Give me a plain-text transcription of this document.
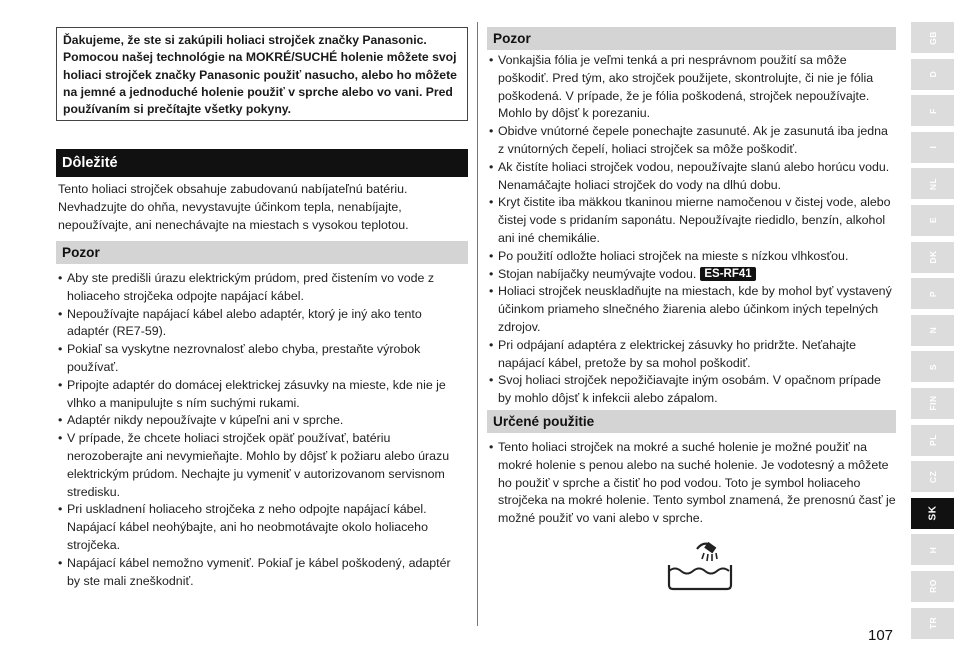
Ďakujeme, že ste si zakúpili holiaci strojček značky Panasonic. Pomocou našej technológie na MOKRÉ/SUCHÉ holenie môžete svoj holiaci strojček značky Panasonic použiť nasucho, alebo ho môžete na jemné a jednoduché holenie použiť v sprche alebo vo vani. Pred používaním si prečítajte všetky pokyny.
Dôležité
Tento holiaci strojček obsahuje zabudovanú nabíjateľnú batériu. Nevhadzujte do ohňa, nevystavujte účinkom tepla, nenabíjajte, nepoužívajte, ani nenechávajte na miestach s vysokou teplotou.
Pozor
• Aby ste predišli úrazu elektrickým prúdom, pred čistením vo vode z holiaceho strojčeka odpojte napájací kábel.
• Nepoužívajte napájací kábel alebo adaptér, ktorý je iný ako tento adaptér (RE7-59).
• Pokiaľ sa vyskytne nezrovnalosť alebo chyba, prestaňte výrobok používať.
• Pripojte adaptér do domácej elektrickej zásuvky na mieste, kde nie je vlhko a manipulujte s ním suchými rukami.
• Adaptér nikdy nepoužívajte v kúpeľni ani v sprche.
• V prípade, že chcete holiaci strojček opäť používať, batériu nerozoberajte ani nevymieňajte. Mohlo by dôjsť k požiaru alebo úrazu elektrickým prúdom. Nechajte ju vymeniť v autorizovanom servisnom stredisku.
• Pri uskladnení holiaceho strojčeka z neho odpojte napájací kábel. Napájací kábel neohýbajte, ani ho neobmotávajte okolo holiaceho strojčeka.
• Napájací kábel nemožno vymeniť. Pokiaľ je kábel poškodený, adaptér by ste mali zneškodniť.
Pozor
• Vonkajšia fólia je veľmi tenká a pri nesprávnom použití sa môže poškodiť. Pred tým, ako strojček použijete, skontrolujte, či nie je fólia poškodená. V prípade, že je fólia poškodená, strojček nepoužívajte. Mohlo by dôjsť k porezaniu.
• Obidve vnútorné čepele ponechajte zasunuté. Ak je zasunutá iba jedna z vnútorných čepelí, holiaci strojček sa môže poškodiť.
• Ak čistíte holiaci strojček vodou, nepoužívajte slanú alebo horúcu vodu. Nenamáčajte holiaci strojček do vody na dlhú dobu.
• Kryt čistite iba mäkkou tkaninou mierne namočenou v čistej vode, alebo čistej vode s pridaním saponátu. Nepoužívajte riedidlo, benzín, alkohol ani iné chemikálie.
• Po použití odložte holiaci strojček na mieste s nízkou vlhkosťou.
• Stojan nabíjačky neumývajte vodou. ES-RF41
• Holiaci strojček neuskladňujte na miestach, kde by mohol byť vystavený účinkom priameho slnečného žiarenia alebo účinkom iných tepelných zdrojov.
• Pri odpájaní adaptéra z elektrickej zásuvky ho pridržte. Neťahajte napájací kábel, pretože by sa mohol poškodiť.
• Svoj holiaci strojček nepožičiavajte iným osobám. V opačnom prípade by mohlo dôjsť k infekcii alebo zápalom.
Určené použitie
• Tento holiaci strojček na mokré a suché holenie je možné použiť na mokré holenie s penou alebo na suché holenie. Je vodotesný a môžete ho použiť v sprche a čistiť ho pod vodou. Toto je symbol holiaceho strojčeka na mokré holenie. Tento symbol znamená, že prenosnú časť je možné použiť vo vani alebo v sprche.
GB
D
F
I
NL
E
DK
P
N
S
FIN
PL
CZ
SK
H
RO
TR
107
